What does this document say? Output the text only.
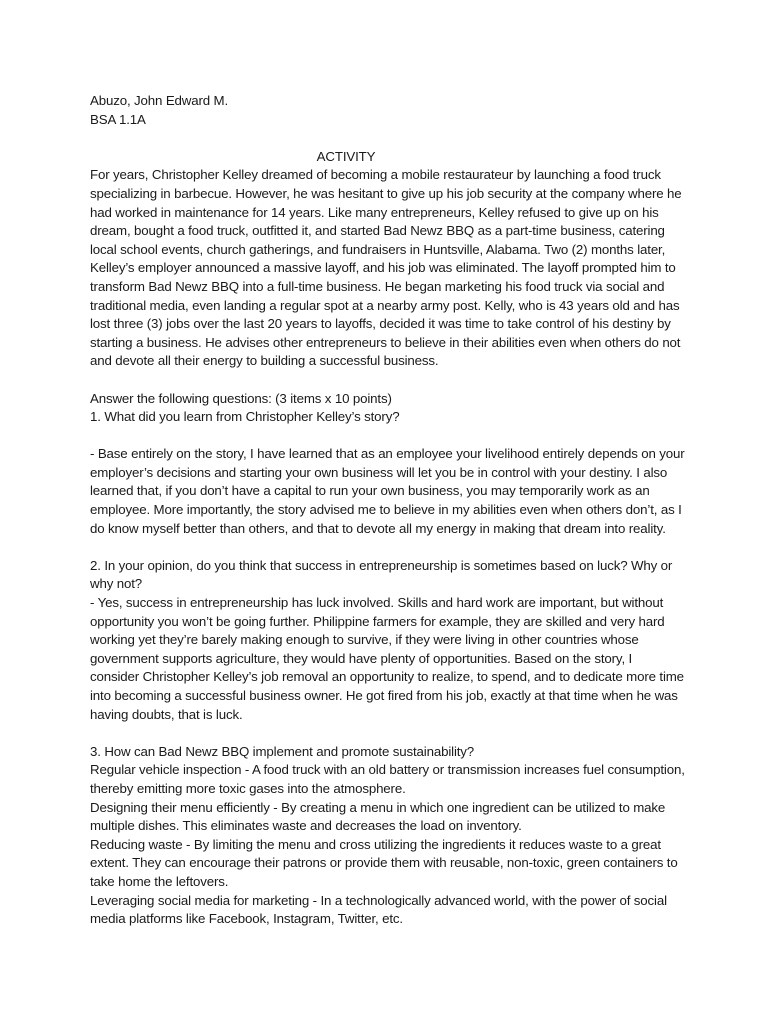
Abuzo, John Edward M.
BSA 1.1A

ACTIVITY

For years, Christopher Kelley dreamed of becoming a mobile restaurateur by launching a food truck
specializing in barbecue. However, he was hesitant to give up his job security at the company where he
had worked in maintenance for 14 years. Like many entrepreneurs, Kelley refused to give up on his
dream, bought a food truck, outfitted it, and started Bad Newz BBQ as a part-time business, catering
local school events, church gatherings, and fundraisers in Huntsville, Alabama. Two (2) months later,
Kelley’s employer announced a massive layoff, and his job was eliminated. The layoff prompted him to
transform Bad Newz BBQ into a full-time business. He began marketing his food truck via social and
traditional media, even landing a regular spot at a nearby army post. Kelly, who is 43 years old and has
lost three (3) jobs over the last 20 years to layoffs, decided it was time to take control of his destiny by
starting a business. He advises other entrepreneurs to believe in their abilities even when others do not
and devote all their energy to building a successful business.

Answer the following questions: (3 items x 10 points)
1. What did you learn from Christopher Kelley’s story?

- Base entirely on the story, I have learned that as an employee your livelihood entirely depends on your
employer’s decisions and starting your own business will let you be in control with your destiny. I also
learned that, if you don’t have a capital to run your own business, you may temporarily work as an
employee. More importantly, the story advised me to believe in my abilities even when others don’t, as I
do know myself better than others, and that to devote all my energy in making that dream into reality.

2. In your opinion, do you think that success in entrepreneurship is sometimes based on luck? Why or
why not?
- Yes, success in entrepreneurship has luck involved. Skills and hard work are important, but without
opportunity you won’t be going further. Philippine farmers for example, they are skilled and very hard
working yet they’re barely making enough to survive, if they were living in other countries whose
government supports agriculture, they would have plenty of opportunities. Based on the story, I
consider Christopher Kelley’s job removal an opportunity to realize, to spend, and to dedicate more time
into becoming a successful business owner. He got fired from his job, exactly at that time when he was
having doubts, that is luck.

3. How can Bad Newz BBQ implement and promote sustainability?
Regular vehicle inspection - A food truck with an old battery or transmission increases fuel consumption,
thereby emitting more toxic gases into the atmosphere.
Designing their menu efficiently - By creating a menu in which one ingredient can be utilized to make
multiple dishes. This eliminates waste and decreases the load on inventory.
Reducing waste - By limiting the menu and cross utilizing the ingredients it reduces waste to a great
extent. They can encourage their patrons or provide them with reusable, non-toxic, green containers to
take home the leftovers.
Leveraging social media for marketing - In a technologically advanced world, with the power of social
media platforms like Facebook, Instagram, Twitter, etc.
